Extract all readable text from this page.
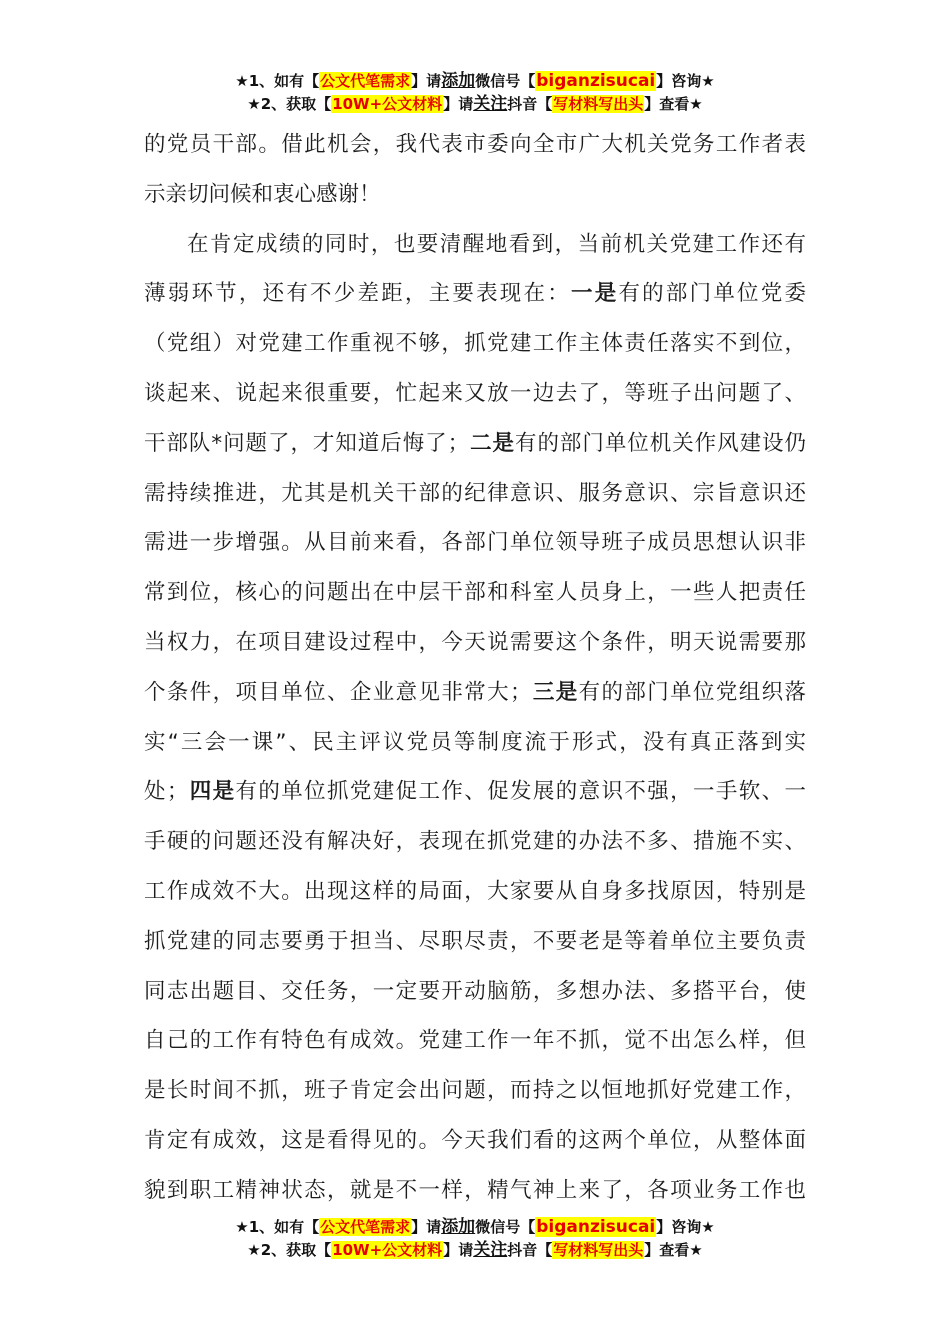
★1、如有【公文代笔需求】请添加微信号【biganzisucai】咨询★
★2、获取【10W+公文材料】请关注抖音【写材料写出头】查看★
的党员干部。借此机会，我代表市委向全市广大机关党务工作者表
示亲切问候和衷心感谢！
在肯定成绩的同时，也要清醒地看到，当前机关党建工作还有
薄弱环节，还有不少差距，主要表现在：一是有的部门单位党委
（党组）对党建工作重视不够，抓党建工作主体责任落实不到位，
谈起来、说起来很重要，忙起来又放一边去了，等班子出问题了、
干部队*问题了，才知道后悔了；二是有的部门单位机关作风建设仍
需持续推进，尤其是机关干部的纪律意识、服务意识、宗旨意识还
需进一步增强。从目前来看，各部门单位领导班子成员思想认识非
常到位，核心的问题出在中层干部和科室人员身上，一些人把责任
当权力，在项目建设过程中，今天说需要这个条件，明天说需要那
个条件，项目单位、企业意见非常大；三是有的部门单位党组织落
实“三会一课”、民主评议党员等制度流于形式，没有真正落到实
处；四是有的单位抓党建促工作、促发展的意识不强，一手软、一
手硬的问题还没有解决好，表现在抓党建的办法不多、措施不实、
工作成效不大。出现这样的局面，大家要从自身多找原因，特别是
抓党建的同志要勇于担当、尽职尽责，不要老是等着单位主要负责
同志出题目、交任务，一定要开动脑筋，多想办法、多搭平台，使
自己的工作有特色有成效。党建工作一年不抓，觉不出怎么样，但
是长时间不抓，班子肯定会出问题，而持之以恒地抓好党建工作，
肯定有成效，这是看得见的。今天我们看的这两个单位，从整体面
貌到职工精神状态，就是不一样，精气神上来了，各项业务工作也
★1、如有【公文代笔需求】请添加微信号【biganzisucai】咨询★
★2、获取【10W+公文材料】请关注抖音【写材料写出头】查看★
